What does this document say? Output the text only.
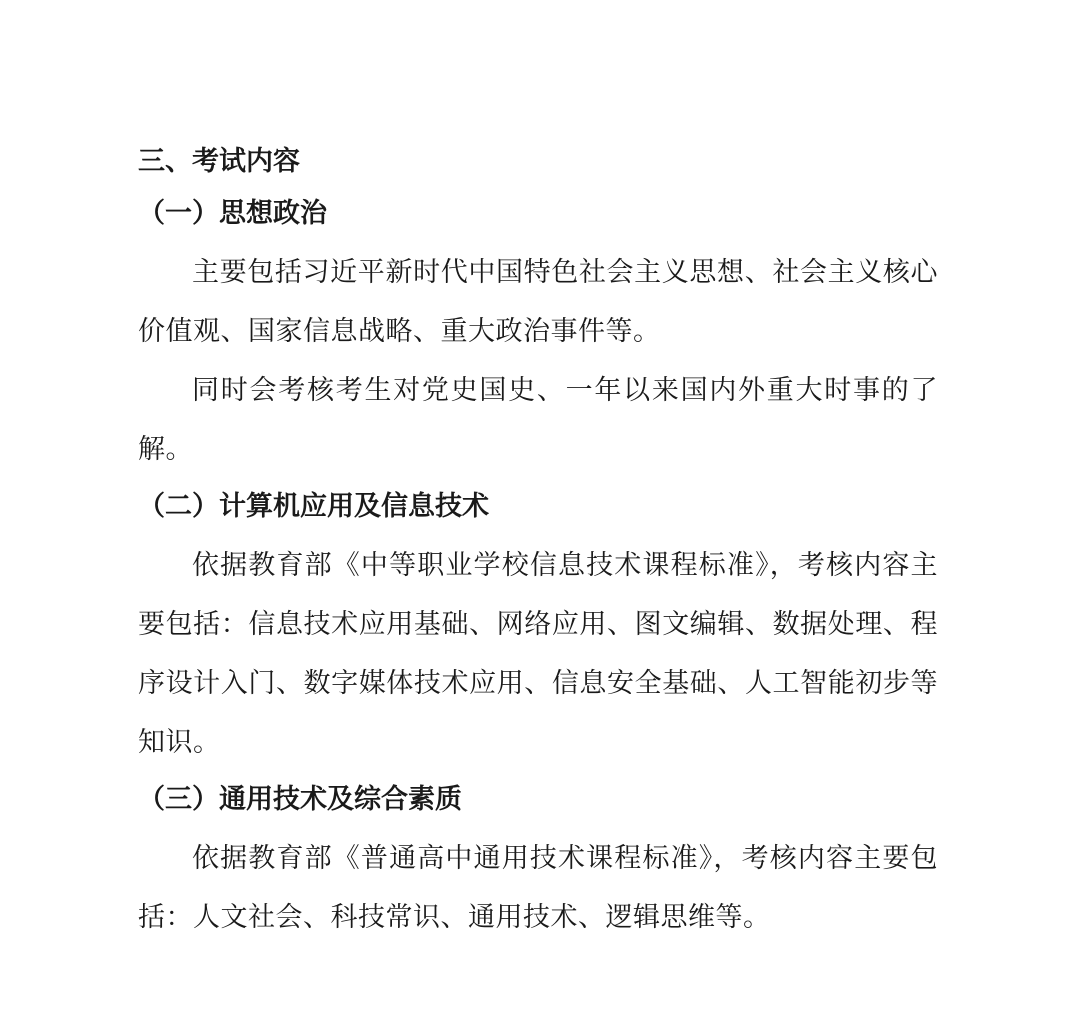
三、考试内容
（一）思想政治

主要包括习近平新时代中国特色社会主义思想、社会主义核心价值观、国家信息战略、重大政治事件等。

同时会考核考生对党史国史、一年以来国内外重大时事的了解。

（二）计算机应用及信息技术

依据教育部《中等职业学校信息技术课程标准》，考核内容主要包括：信息技术应用基础、网络应用、图文编辑、数据处理、程序设计入门、数字媒体技术应用、信息安全基础、人工智能初步等知识。

（三）通用技术及综合素质

依据教育部《普通高中通用技术课程标准》，考核内容主要包括：人文社会、科技常识、通用技术、逻辑思维等。
